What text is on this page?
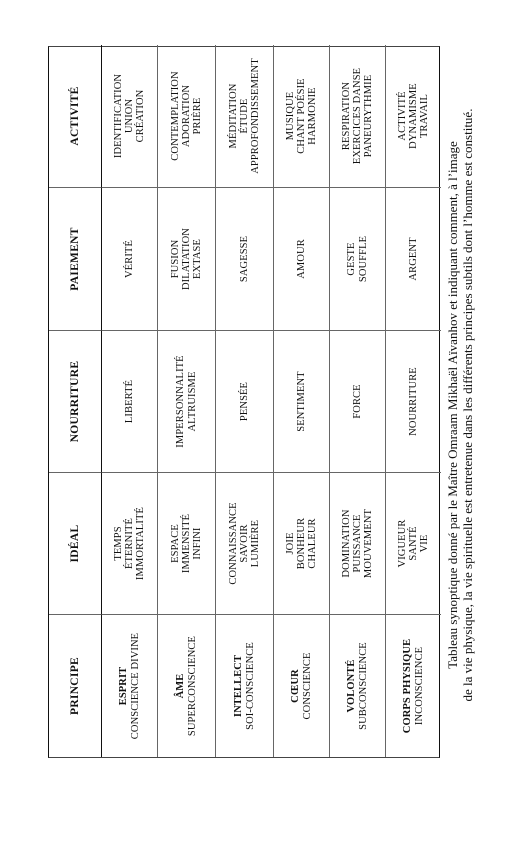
PRINCIPE
IDÉAL
NOURRITURE
PAIEMENT
ACTIVITÉ
ESPRIT CONSCIENCE DIVINE
TEMPS ÉTERNITÉ IMMORTALITÉ
LIBERTÉ
VÉRITÉ
IDENTIFICATION UNION CRÉATION
ÂME SUPERCONSCIENCE
ESPACE IMMENSITÉ INFINI
IMPERSONNALITÉ ALTRUISME
FUSION DILATATION EXTASE
CONTEMPLATION ADORATION PRIÈRE
INTELLECT SOI-CONSCIENCE
CONNAISSANCE SAVOIR LUMIÈRE
PENSÉE
SAGESSE
MÉDITATION ÉTUDE APPROFONDISSEMENT
CŒUR CONSCIENCE
JOIE BONHEUR CHALEUR
SENTIMENT
AMOUR
MUSIQUE CHANT POÉSIE HARMONIE
VOLONTÉ SUBCONSCIENCE
DOMINATION PUISSANCE MOUVEMENT
FORCE
GESTE SOUFFLE
RESPIRATION EXERCICES DANSE PANEURYTHMIE
CORPS PHYSIQUE INCONSCIENCE
VIGUEUR SANTÉ VIE
NOURRITURE
ARGENT
ACTIVITÉ DYNAMISME TRAVAIL
Tableau synoptique donné par le Maître Omraam Mikhaël Aïvanhov et indiquant comment, à l’image de la vie physique, la vie spirituelle est entretenue dans les différents principes subtils dont l’homme est constitué.
